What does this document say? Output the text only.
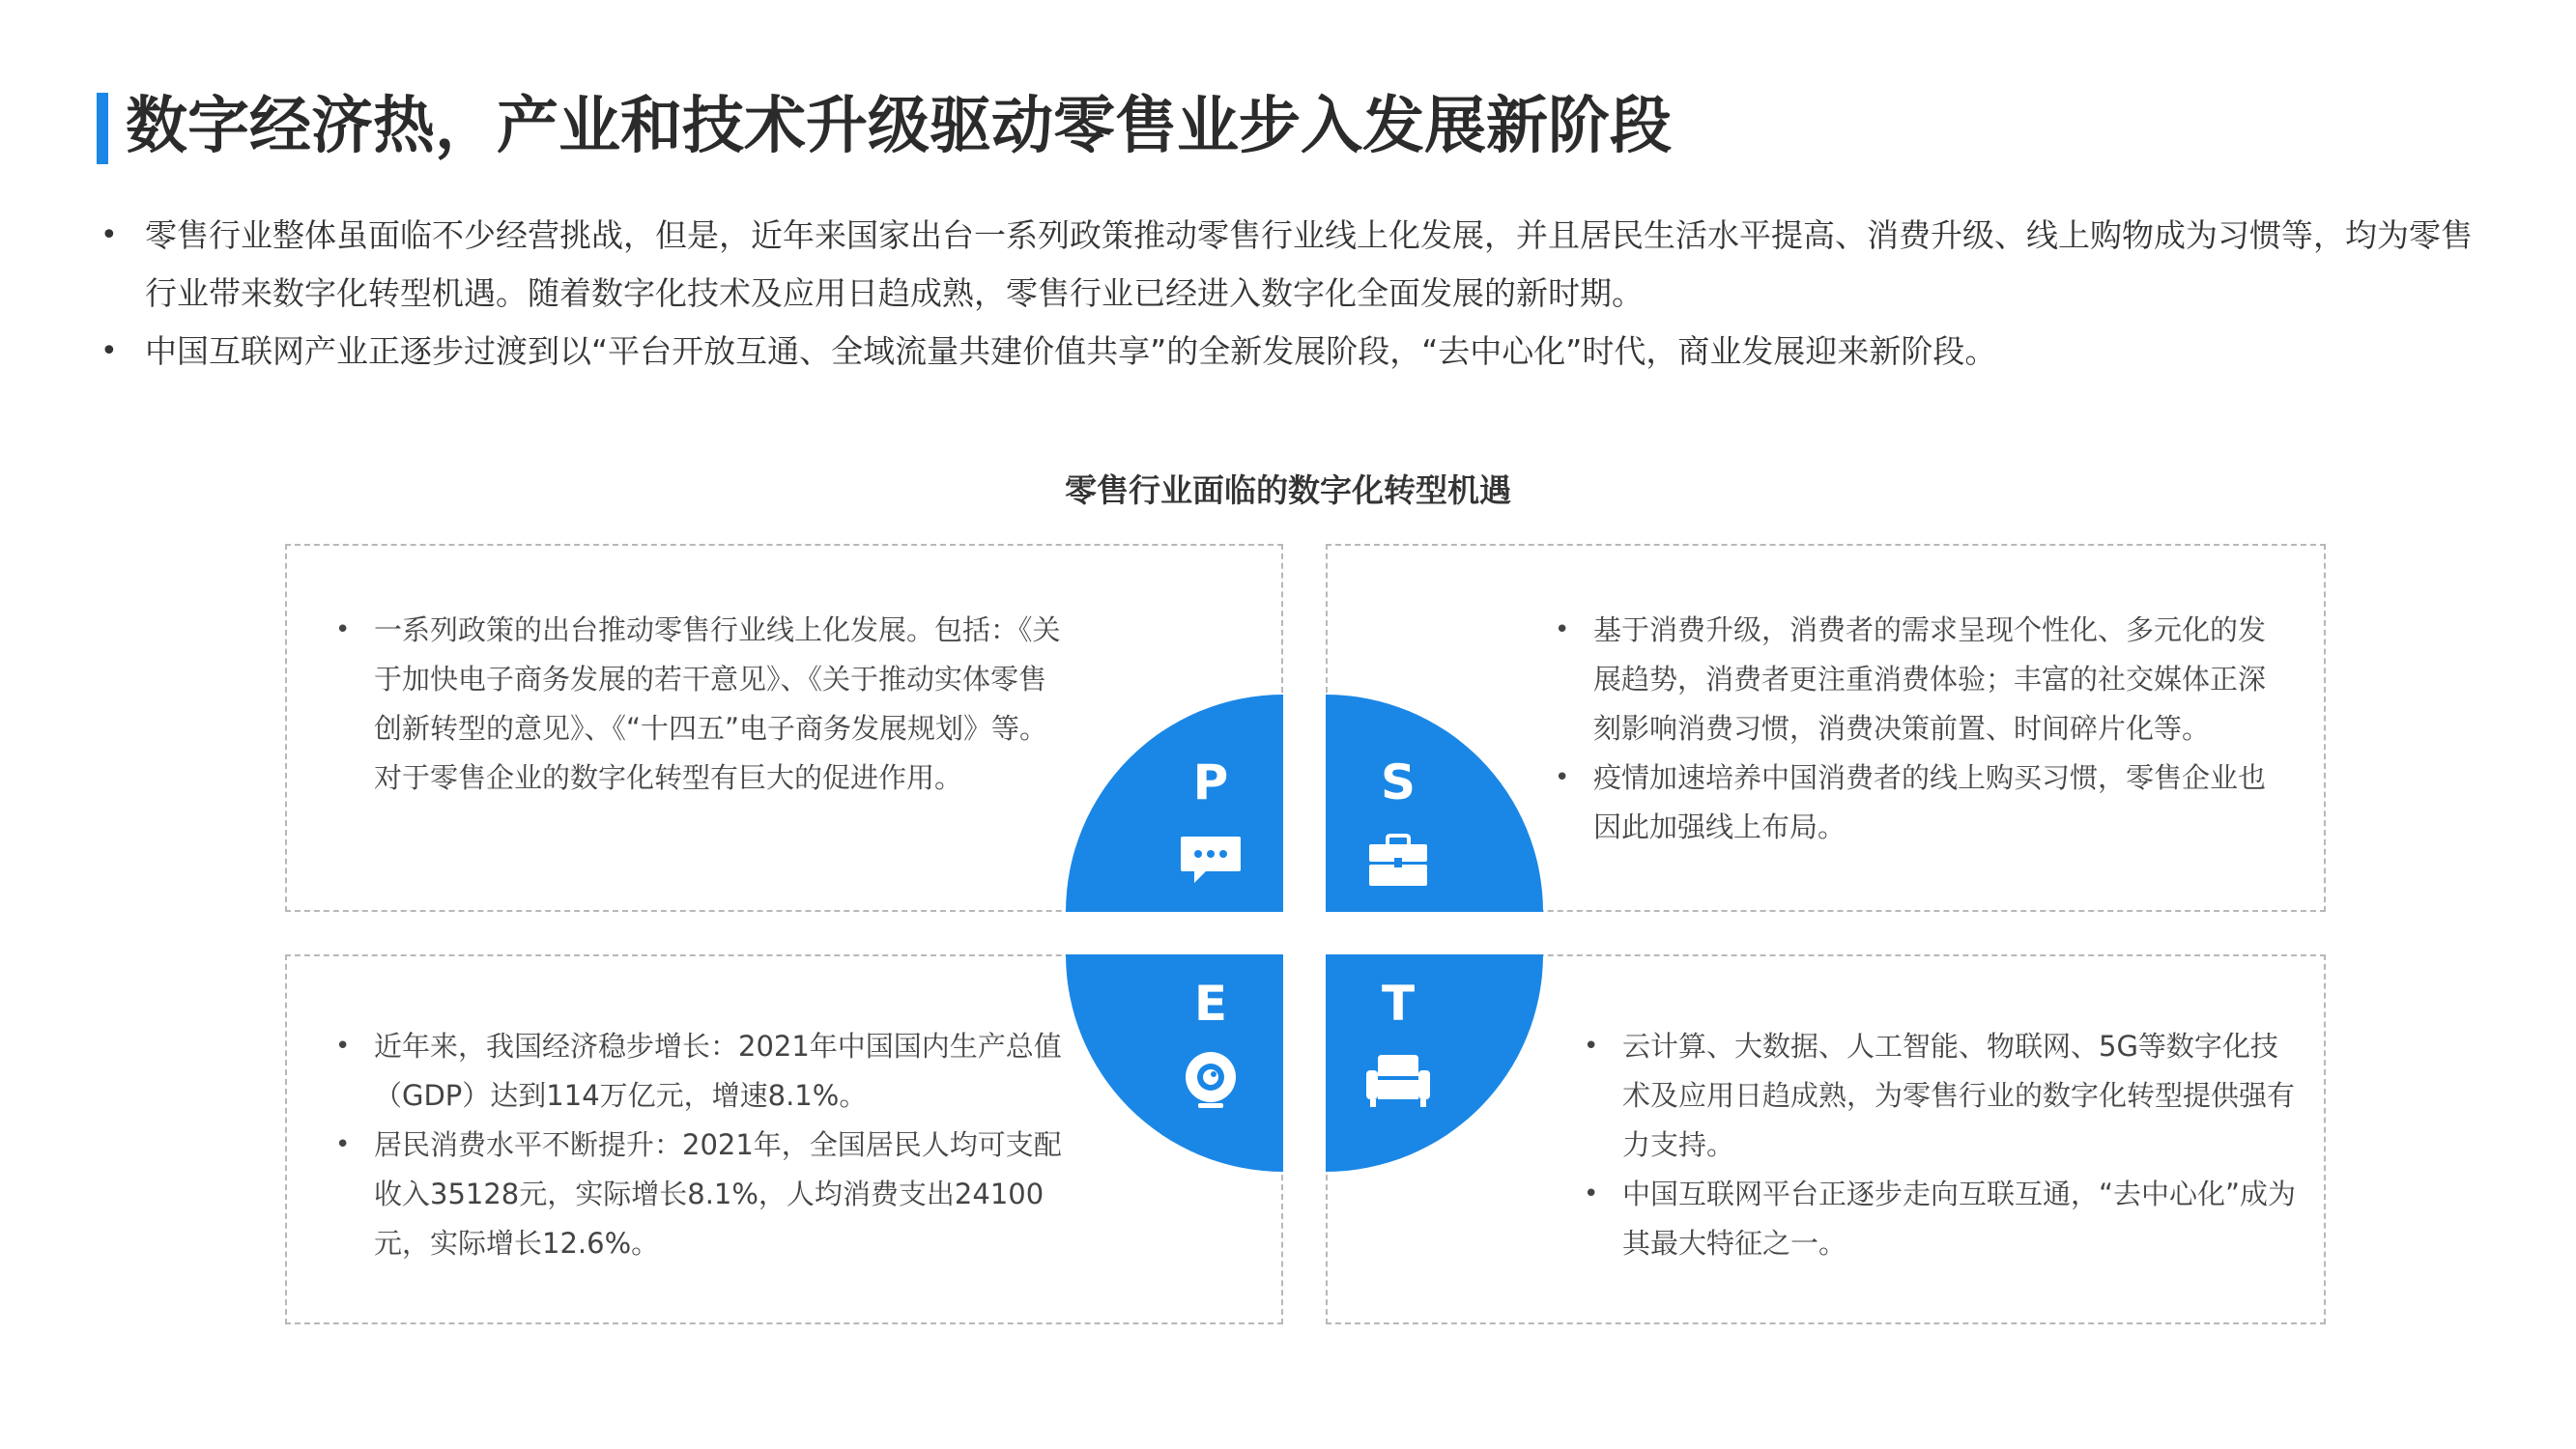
数字经济热，产业和技术升级驱动零售业步入发展新阶段
• 零售行业整体虽面临不少经营挑战，但是，近年来国家出台一系列政策推动零售行业线上化发展，并且居民生活水平提高、消费升级、线上购物成为习惯等，均为零售行业带来数字化转型机遇。随着数字化技术及应用日趋成熟，零售行业已经进入数字化全面发展的新时期。
• 中国互联网产业正逐步过渡到以“平台开放互通、全域流量共建价值共享”的全新发展阶段，“去中心化”时代，商业发展迎来新阶段。
零售行业面临的数字化转型机遇
• 一系列政策的出台推动零售行业线上化发展。包括：《关于加快电子商务发展的若干意见》、《关于推动实体零售创新转型的意见》、《“十四五”电子商务发展规划》等。对于零售企业的数字化转型有巨大的促进作用。
• 基于消费升级，消费者的需求呈现个性化、多元化的发展趋势，消费者更注重消费体验；丰富的社交媒体正深刻影响消费习惯，消费决策前置、时间碎片化等。
• 疫情加速培养中国消费者的线上购买习惯，零售企业也因此加强线上布局。
• 近年来，我国经济稳步增长：2021年中国国内生产总值（GDP）达到114万亿元，增速8.1%。
• 居民消费水平不断提升：2021年，全国居民人均可支配收入35128元，实际增长8.1%，人均消费支出24100元，实际增长12.6%。
• 云计算、大数据、人工智能、物联网、5G等数字化技术及应用日趋成熟，为零售行业的数字化转型提供强有力支持。
• 中国互联网平台正逐步走向互联互通，“去中心化”成为其最大特征之一。
P	S
E	T
